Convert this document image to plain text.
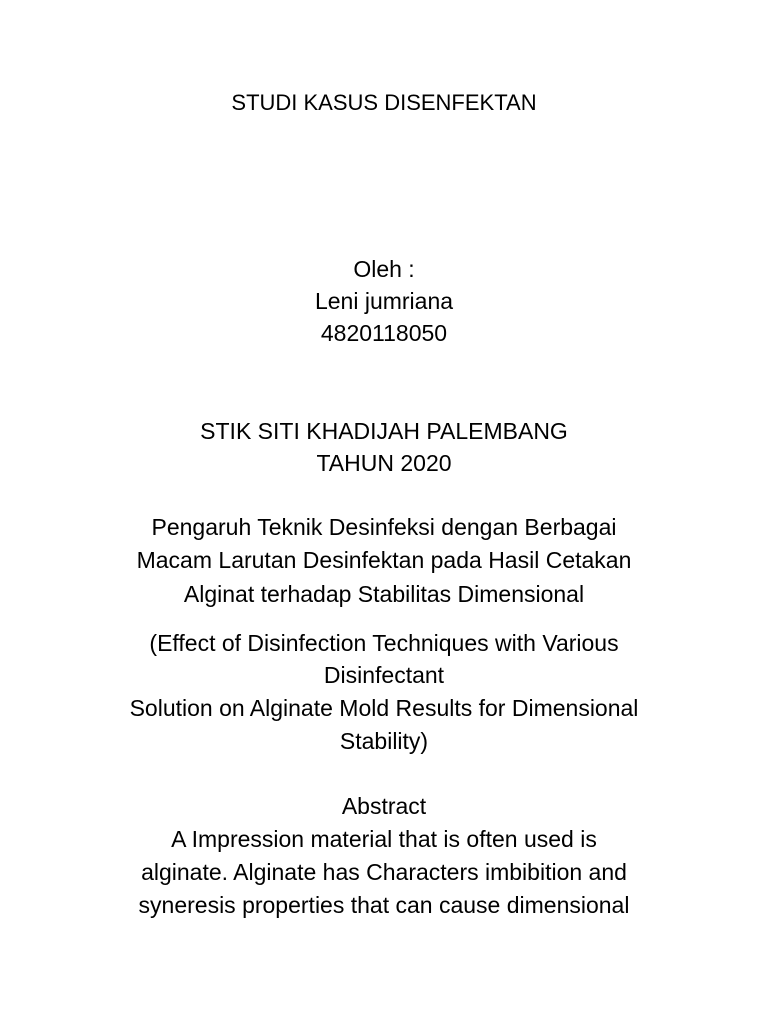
STUDI KASUS DISENFEKTAN
Oleh :
Leni jumriana
4820118050
STIK SITI KHADIJAH PALEMBANG
TAHUN 2020
Pengaruh Teknik Desinfeksi dengan Berbagai
Macam Larutan Desinfektan pada Hasil Cetakan
Alginat terhadap Stabilitas Dimensional
(Effect of Disinfection Techniques with Various
Disinfectant
Solution on Alginate Mold Results for Dimensional
Stability)
Abstract
A Impression material that is often used is
alginate. Alginate has Characters imbibition and
syneresis properties that can cause dimensional
